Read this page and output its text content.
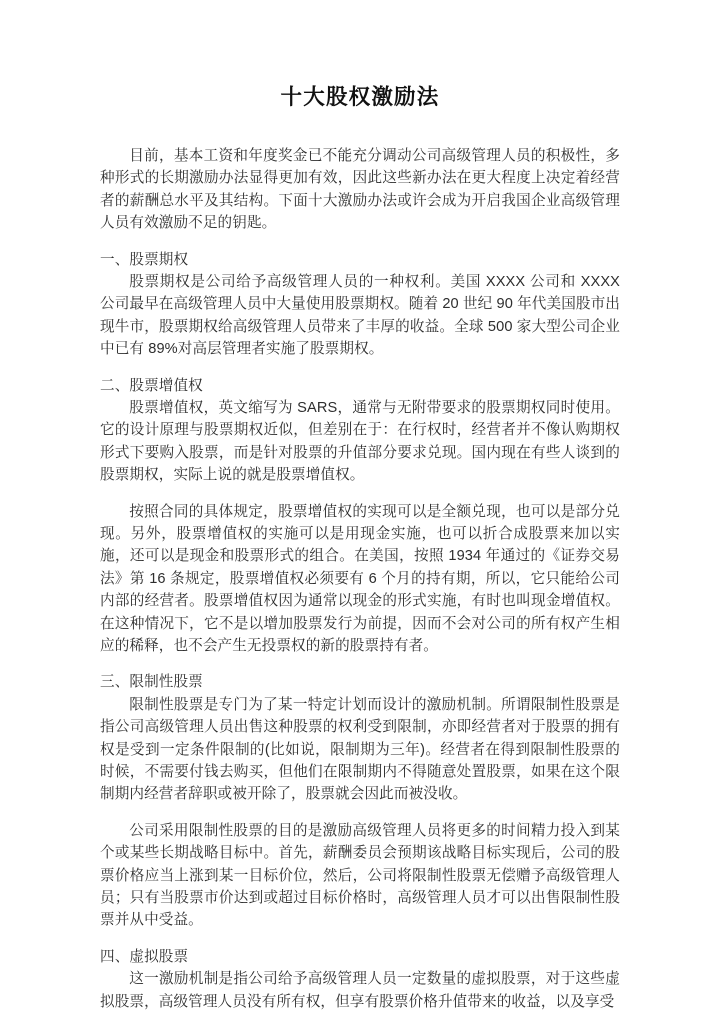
十大股权激励法

目前，基本工资和年度奖金已不能充分调动公司高级管理人员的积极性，多种形式的长期激励办法显得更加有效，因此这些新办法在更大程度上决定着经营者的薪酬总水平及其结构。下面十大激励办法或许会成为开启我国企业高级管理人员有效激励不足的钥匙。

一、股票期权

股票期权是公司给予高级管理人员的一种权利。美国 XXXX 公司和 XXXX 公司最早在高级管理人员中大量使用股票期权。随着 20 世纪 90 年代美国股市出现牛市，股票期权给高级管理人员带来了丰厚的收益。全球 500 家大型公司企业中已有 89%对高层管理者实施了股票期权。

二、股票增值权

股票增值权，英文缩写为 SARS，通常与无附带要求的股票期权同时使用。它的设计原理与股票期权近似，但差别在于：在行权时，经营者并不像认购期权形式下要购入股票，而是针对股票的升值部分要求兑现。国内现在有些人谈到的股票期权，实际上说的就是股票增值权。

按照合同的具体规定，股票增值权的实现可以是全额兑现，也可以是部分兑现。另外，股票增值权的实施可以是用现金实施，也可以折合成股票来加以实施，还可以是现金和股票形式的组合。在美国，按照 1934 年通过的《证券交易法》第 16 条规定，股票增值权必须要有 6 个月的持有期，所以，它只能给公司内部的经营者。股票增值权因为通常以现金的形式实施，有时也叫现金增值权。在这种情况下，它不是以增加股票发行为前提，因而不会对公司的所有权产生相应的稀释，也不会产生无投票权的新的股票持有者。

三、限制性股票

限制性股票是专门为了某一特定计划而设计的激励机制。所谓限制性股票是指公司高级管理人员出售这种股票的权利受到限制，亦即经营者对于股票的拥有权是受到一定条件限制的(比如说，限制期为三年)。经营者在得到限制性股票的时候，不需要付钱去购买，但他们在限制期内不得随意处置股票，如果在这个限制期内经营者辞职或被开除了，股票就会因此而被没收。

公司采用限制性股票的目的是激励高级管理人员将更多的时间精力投入到某个或某些长期战略目标中。首先，薪酬委员会预期该战略目标实现后，公司的股票价格应当上涨到某一目标价位，然后，公司将限制性股票无偿赠予高级管理人员；只有当股票市价达到或超过目标价格时，高级管理人员才可以出售限制性股票并从中受益。

四、虚拟股票

这一激励机制是指公司给予高级管理人员一定数量的虚拟股票，对于这些虚拟股票，高级管理人员没有所有权，但享有股票价格升值带来的收益，以及享受
